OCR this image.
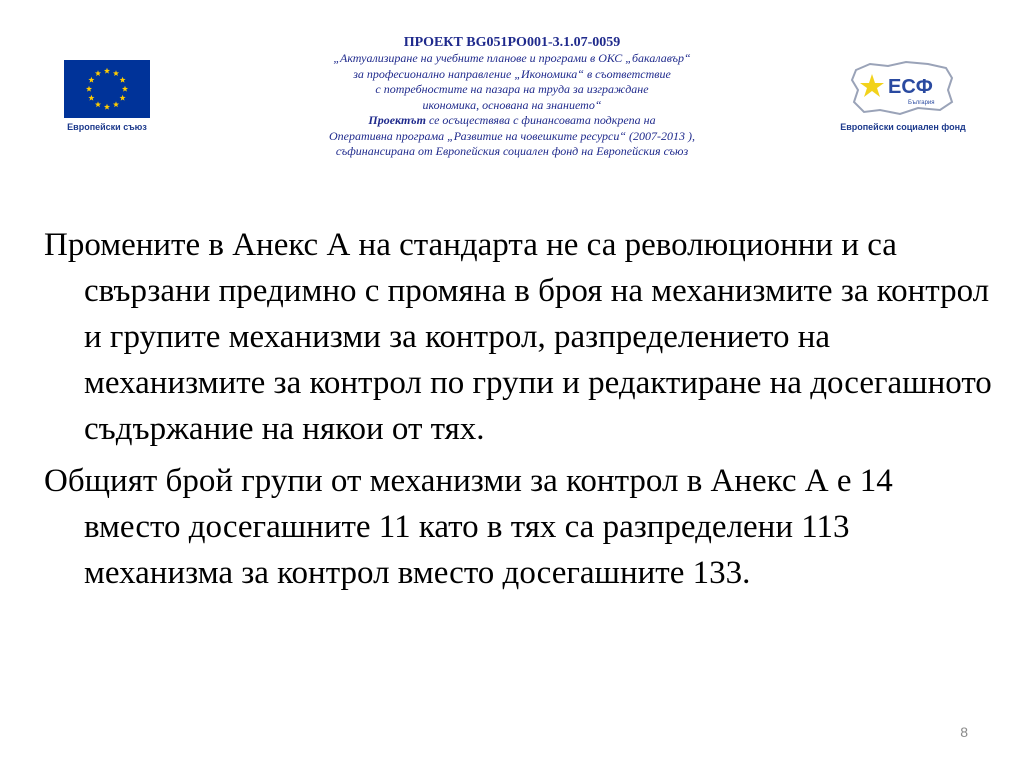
ПРОЕКТ BG051PO001-3.1.07-0059

„Актуализиране на учебните планове и програми в ОКС „бакалавър“

за професионално направление „Икономика“ в съответствие

с потребностите на пазара на труда за изграждане

икономика, основана на знанието“

Проектът се осъществява с финансовата подкрепа на

Оперативна програма „Развитие на човешките ресурси“ (2007-2013 ),

съфинансирана от Европейския социален фонд на Европейския съюз

Европейски съюз
ЕСФ
България
Европейски социален фонд

Промените в Анекс А на стандарта не са революционни и са свързани предимно с промяна в броя на механизмите за контрол и групите механизми за контрол, разпределението на механизмите за контрол по групи и редактиране на досегашното съдържание на някои от тях.

Общият брой групи от механизми за контрол в Анекс А е 14 вместо досегашните 11 като в тях са разпределени 113 механизма за контрол вместо досегашните 133.

8
